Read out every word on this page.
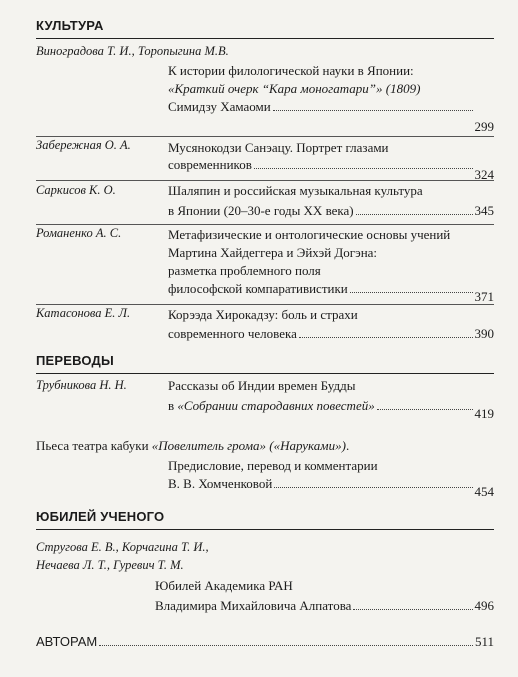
КУЛЬТУРА
Виноградова Т. И., Торопыгина М.В.
К истории филологической науки в Японии:
«Краткий очерк “Кара моногатари”» (1809)
Симидзу Хамаоми
299
Забережная О. А.	Мусянокодзи Санэацу. Портрет глазами
современников
324
Саркисов К. О.	Шаляпин и российская музыкальная культура
в Японии (20–30-е годы XX века)	345
Романенко А. С.	Метафизические и онтологические основы учений
Мартина Хайдеггера и Эйхэй Догэна:
разметка проблемного поля
философской компаративистики
371
Катасонова Е. Л.	Корээда Хирокадзу: боль и страхи
современного человека	390
ПЕРЕВОДЫ
Трубникова Н. Н.	Рассказы об Индии времен Будды
в «Собрании стародавних повестей»
419
Пьеса театра кабуки «Повелитель грома» («Наруками»).
Предисловие, перевод и комментарии
В. В. Хомченковой
454
ЮБИЛЕЙ УЧЕНОГО
Стругова Е. В., Корчагина Т. И.,
Нечаева Л. Т., Гуревич Т. М.
Юбилей Академика РАН
Владимира Михайловича Алпатова	496
АВТОРАМ	511
